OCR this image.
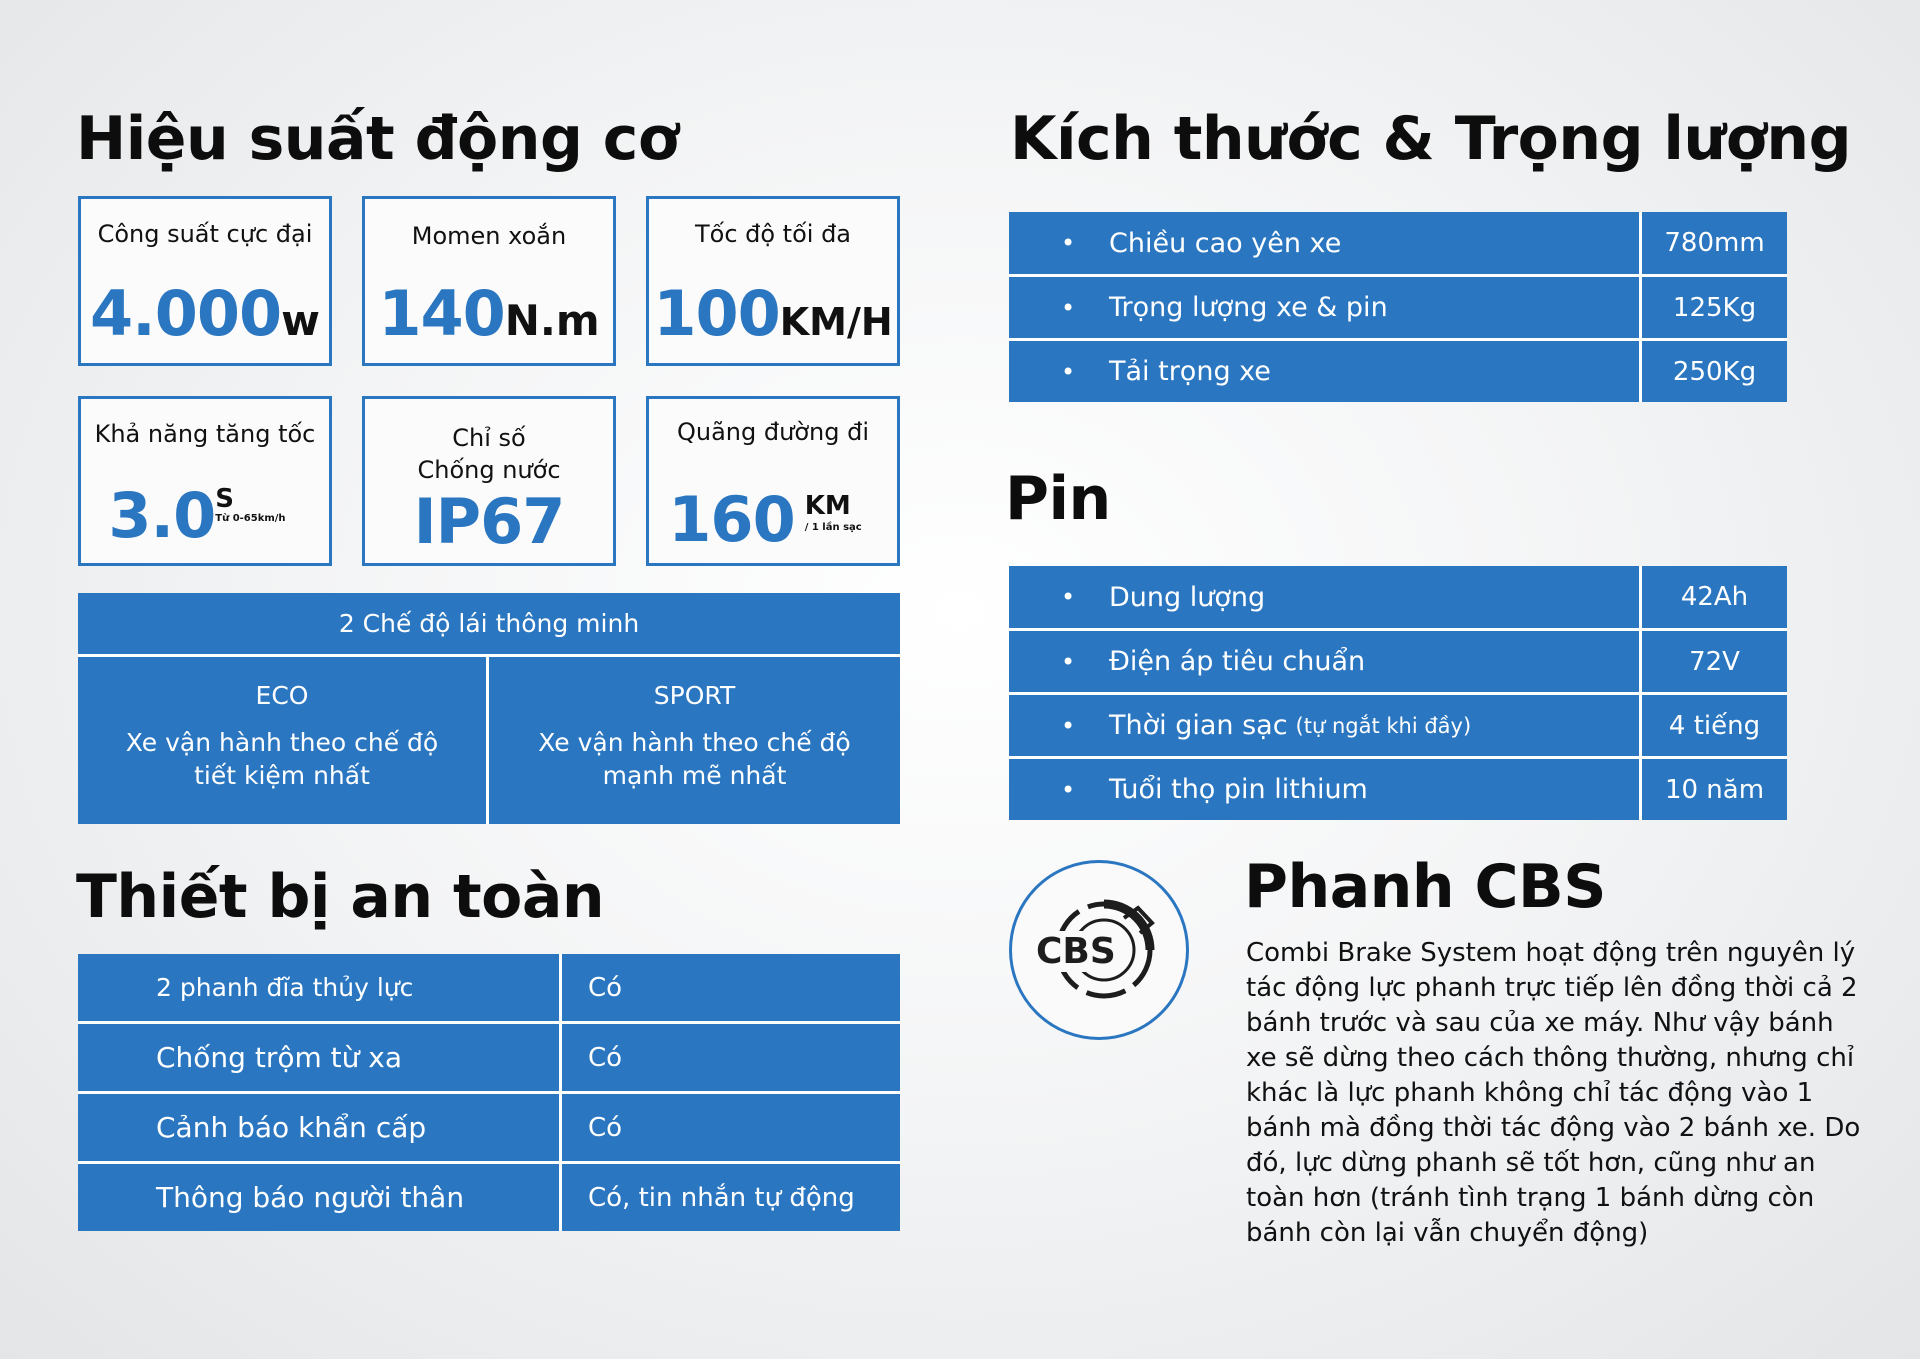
Hiệu suất động cơ
Công suất cực đại
4.000w
Momen xoắn
140N.m
Tốc độ tối đa
100KM/H
Khả năng tăng tốc
3.0 S
Từ 0-65km/h
Chỉ số
Chống nước
IP67
Quãng đường đi
160 KM
/ 1 lần sạc
2 Chế độ lái thông minh
ECO
Xe vận hành theo chế độ
tiết kiệm nhất
SPORT
Xe vận hành theo chế độ
mạnh mẽ nhất
Thiết bị an toàn
2 phanh đĩa thủy lực	Có
Chống trộm từ xa	Có
Cảnh báo khẩn cấp	Có
Thông báo người thân	Có, tin nhắn tự động
Kích thước & Trọng lượng
• Chiều cao yên xe	780mm
• Trọng lượng xe & pin	125Kg
• Tải trọng xe	250Kg
Pin
• Dung lượng	42Ah
• Điện áp tiêu chuẩn	72V
• Thời gian sạc (tự ngắt khi đầy)	4 tiếng
• Tuổi thọ pin lithium	10 năm
CBS
Phanh CBS
Combi Brake System hoạt động trên nguyên lý tác động lực phanh trực tiếp lên đồng thời cả 2 bánh trước và sau của xe máy. Như vậy bánh xe sẽ dừng theo cách thông thường, nhưng chỉ khác là lực phanh không chỉ tác động vào 1 bánh mà đồng thời tác động vào 2 bánh xe. Do đó, lực dừng phanh sẽ tốt hơn, cũng như an toàn hơn (tránh tình trạng 1 bánh dừng còn bánh còn lại vẫn chuyển động)
